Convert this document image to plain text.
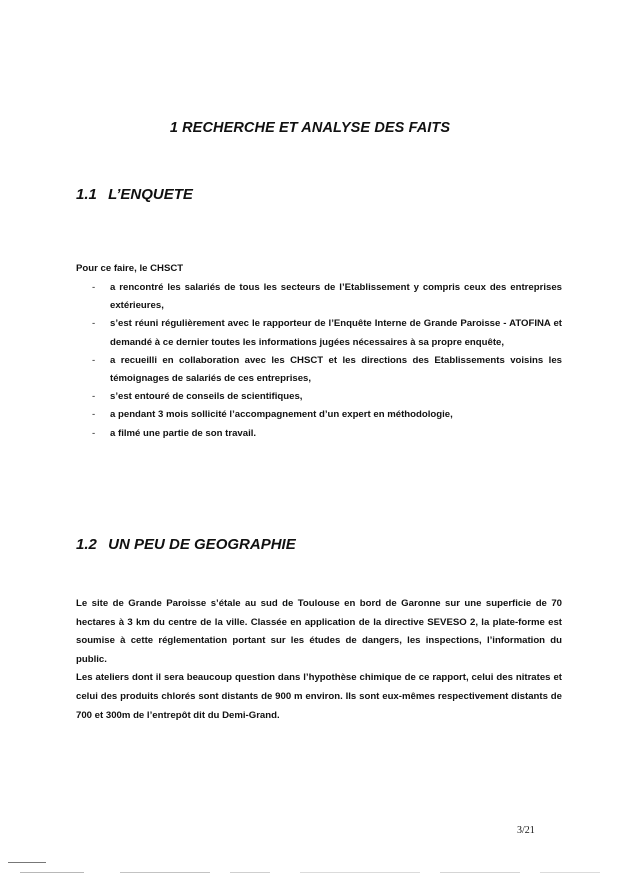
1 RECHERCHE ET ANALYSE DES FAITS
1.1 L’ENQUETE
Pour ce faire, le CHSCT
- a rencontré les salariés de tous les secteurs de l’Etablissement y compris ceux des entreprises extérieures,
- s’est réuni régulièrement avec le rapporteur de l’Enquête Interne de Grande Paroisse - ATOFINA et demandé à ce dernier toutes les informations jugées nécessaires à sa propre enquête,
- a recueilli en collaboration avec les CHSCT et les directions des Etablissements voisins les témoignages de salariés de ces entreprises,
- s’est entouré de conseils de scientifiques,
- a pendant 3 mois sollicité l’accompagnement d’un expert en méthodologie,
- a filmé une partie de son travail.
1.2 UN PEU DE GEOGRAPHIE

Le site de Grande Paroisse s’étale au sud de Toulouse en bord de Garonne sur une superficie de 70 hectares à 3 km du centre de la ville. Classée en application de la directive SEVESO 2, la plate-forme est soumise à cette réglementation portant sur les études de dangers, les inspections, l’information du public.

Les ateliers dont il sera beaucoup question dans l’hypothèse chimique de ce rapport, celui des nitrates et celui des produits chlorés sont distants de 900 m environ. Ils sont eux-mêmes respectivement distants de 700 et 300m de l’entrepôt dit du Demi-Grand.

3/21
